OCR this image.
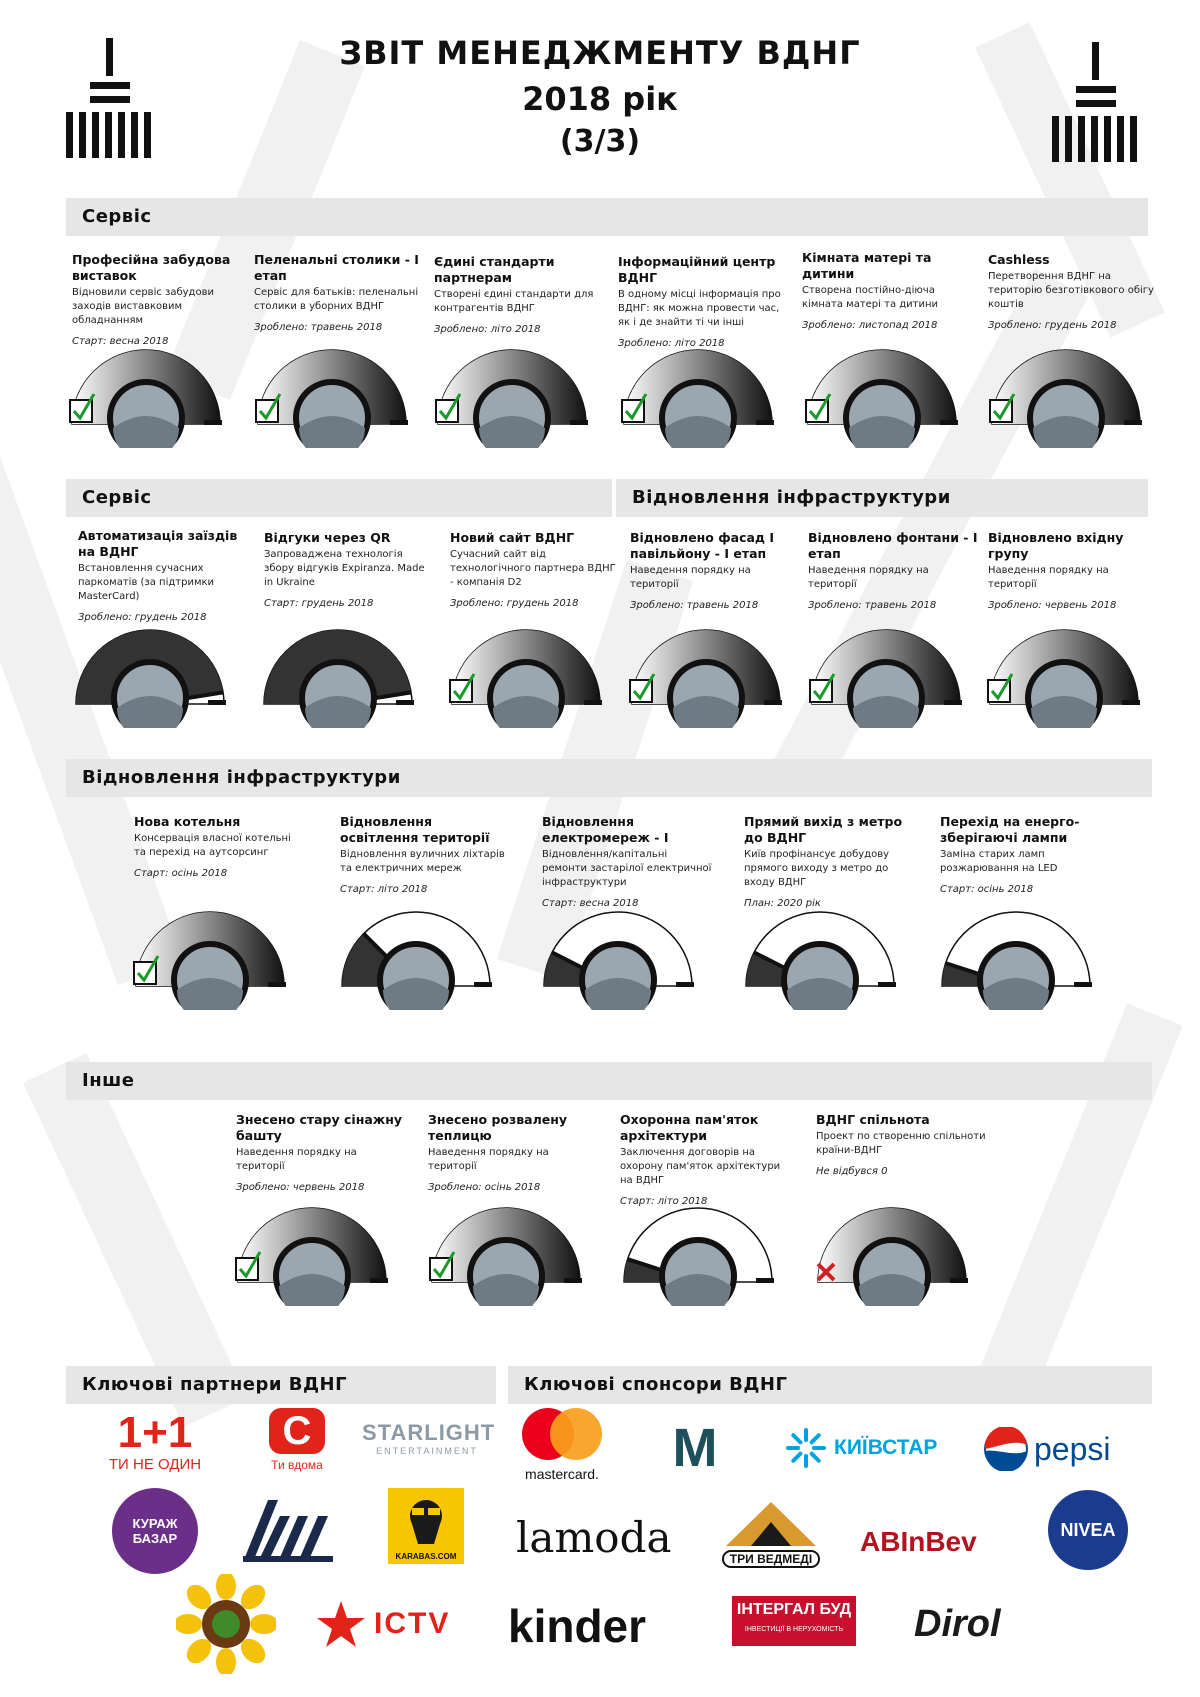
ЗВІТ МЕНЕДЖМЕНТУ ВДНГ
2018 рік
(3/3)
Сервіс
Сервіс	Відновлення інфраструктури
Відновлення інфраструктури
Інше
Ключові партнери ВДНГ	Ключові спонсори ВДНГ

Професійна забудова виставок

Відновили сервіс забудови заходів виставковим обладнанням

Старт: весна 2018

Пеленальні столики - I етап

Сервіс для батьків: пеленальні столики в уборних ВДНГ

Зроблено: травень 2018

Єдині стандарти партнерам

Створені єдині стандарти для контрагентів ВДНГ

Зроблено: літо 2018

Інформаційний центр ВДНГ

В одному місці інформація про ВДНГ: як можна провести час, як і де знайти ті чи інші

Зроблено: літо 2018

Кімната матері та дитини

Створена постійно-діюча кімната матері та дитини

Зроблено: листопад 2018

Cashless

Перетворення ВДНГ на територію безготівкового обігу коштів

Зроблено: грудень 2018

Автоматизація заїздів на ВДНГ

Встановлення сучасних паркоматів (за підтримки MasterCard)

Зроблено: грудень 2018

Відгуки через QR

Запроваджена технологія збору відгуків Expiranza. Made in Ukraine

Старт: грудень 2018

Новий сайт ВДНГ

Сучасний сайт від технологічного партнера ВДНГ - компанія D2

Зроблено: грудень 2018

Відновлено фасад I павільйону - I етап

Наведення порядку на території

Зроблено: травень 2018

Відновлено фонтани - I етап

Наведення порядку на території

Зроблено: травень 2018

Відновлено вхідну групу

Наведення порядку на території

Зроблено: червень 2018

Нова котельня

Консервація власної котельні та перехід на аутсорсинг

Старт: осінь 2018

Відновлення освітлення території

Відновлення вуличних ліхтарів та електричних мереж

Старт: літо 2018

Відновлення електромереж - I

Відновлення/капітальні ремонти застарілої електричної інфраструктури

Старт: весна 2018

Прямий вихід з метро до ВДНГ

Київ профінансує добудову прямого виходу з метро до входу ВДНГ

План: 2020 рік

Перехід на енерго-зберігаючі лампи

Заміна старих ламп розжарювання на LED

Старт: осінь 2018

Знесено стару сінажну башту

Наведення порядку на території

Зроблено: червень 2018

Знесено розвалену теплицю

Наведення порядку на території

Зроблено: осінь 2018

Охоронна пам'яток архітектури

Заключення договорів на охорону пам'яток архітектури на ВДНГ

Старт: літо 2018

ВДНГ спільнота

Проект по створенню спільноти країни-ВДНГ

Не відбувся 0

1+1
ТИ НЕ ОДИН
С
Ти вдома
STARLIGHT
ENTERTAINMENT
КУРАЖ БАЗАР
KARABAS.COM
ICTV
mastercard. M	КИЇВСТАР	pepsi
lamoda	ТРИ ВЕДМЕДІ
ABInBev	NIVEA
kinder	ІНТЕРГАЛ БУД
ІНВЕСТИЦІЇ В НЕРУХОМІСТЬ	Dirol
